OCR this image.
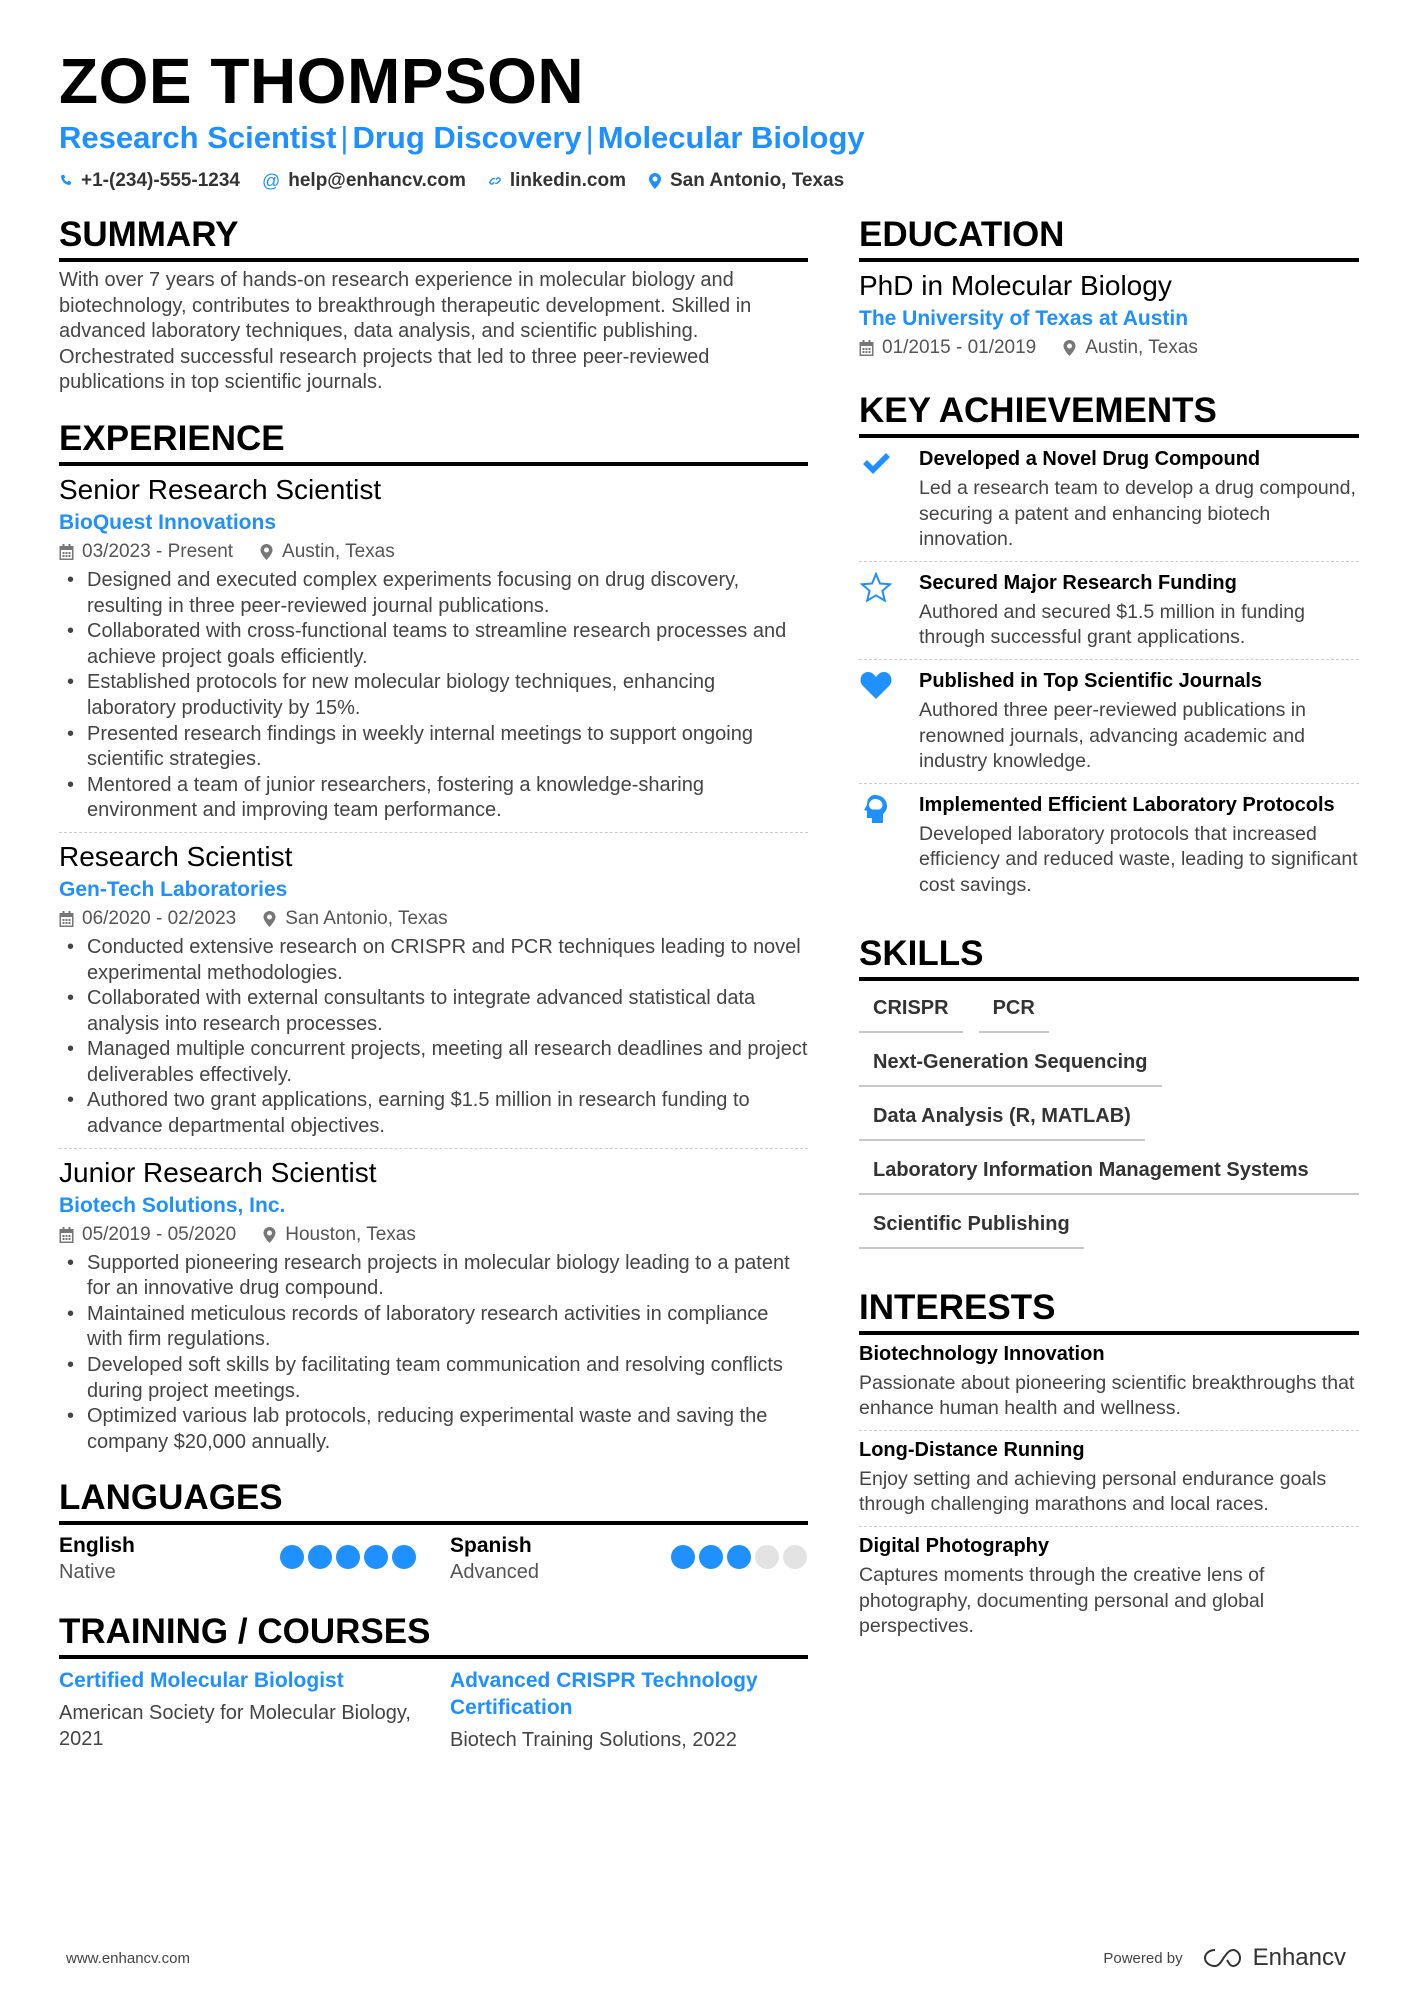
ZOE THOMPSON
Research Scientist | Drug Discovery | Molecular Biology
+1-(234)-555-1234 @ help@enhancv.com linkedin.com San Antonio, Texas
SUMMARY
With over 7 years of hands-on research experience in molecular biology and biotechnology, contributes to breakthrough therapeutic development. Skilled in advanced laboratory techniques, data analysis, and scientific publishing. Orchestrated successful research projects that led to three peer-reviewed publications in top scientific journals.
EXPERIENCE
Senior Research Scientist
BioQuest Innovations
03/2023 - Present	Austin, Texas
• Designed and executed complex experiments focusing on drug discovery, resulting in three peer-reviewed journal publications.
• Collaborated with cross-functional teams to streamline research processes and achieve project goals efficiently.
• Established protocols for new molecular biology techniques, enhancing laboratory productivity by 15%.
• Presented research findings in weekly internal meetings to support ongoing scientific strategies.
• Mentored a team of junior researchers, fostering a knowledge-sharing environment and improving team performance.
Research Scientist
Gen-Tech Laboratories
06/2020 - 02/2023	San Antonio, Texas
• Conducted extensive research on CRISPR and PCR techniques leading to novel experimental methodologies.
• Collaborated with external consultants to integrate advanced statistical data analysis into research processes.
• Managed multiple concurrent projects, meeting all research deadlines and project deliverables effectively.
• Authored two grant applications, earning $1.5 million in research funding to advance departmental objectives.
Junior Research Scientist
Biotech Solutions, Inc.
05/2019 - 05/2020	Houston, Texas
• Supported pioneering research projects in molecular biology leading to a patent for an innovative drug compound.
• Maintained meticulous records of laboratory research activities in compliance with firm regulations.
• Developed soft skills by facilitating team communication and resolving conflicts during project meetings.
• Optimized various lab protocols, reducing experimental waste and saving the company $20,000 annually.
LANGUAGES
English
Native
Spanish
Advanced
TRAINING / COURSES
Certified Molecular Biologist
American Society for Molecular Biology, 2021
Advanced CRISPR Technology Certification
Biotech Training Solutions, 2022
EDUCATION
PhD in Molecular Biology
The University of Texas at Austin
01/2015 - 01/2019	Austin, Texas
KEY ACHIEVEMENTS
Developed a Novel Drug Compound
Led a research team to develop a drug compound, securing a patent and enhancing biotech innovation.
Secured Major Research Funding
Authored and secured $1.5 million in funding through successful grant applications.
Published in Top Scientific Journals
Authored three peer-reviewed publications in renowned journals, advancing academic and industry knowledge.
Implemented Efficient Laboratory Protocols
Developed laboratory protocols that increased efficiency and reduced waste, leading to significant cost savings.
SKILLS
CRISPR	PCR
Next-Generation Sequencing
Data Analysis (R, MATLAB)
Laboratory Information Management Systems
Scientific Publishing
INTERESTS
Biotechnology Innovation
Passionate about pioneering scientific breakthroughs that enhance human health and wellness.
Long-Distance Running
Enjoy setting and achieving personal endurance goals through challenging marathons and local races.
Digital Photography
Captures moments through the creative lens of photography, documenting personal and global perspectives.
www.enhancv.com	Powered by	Enhancv
